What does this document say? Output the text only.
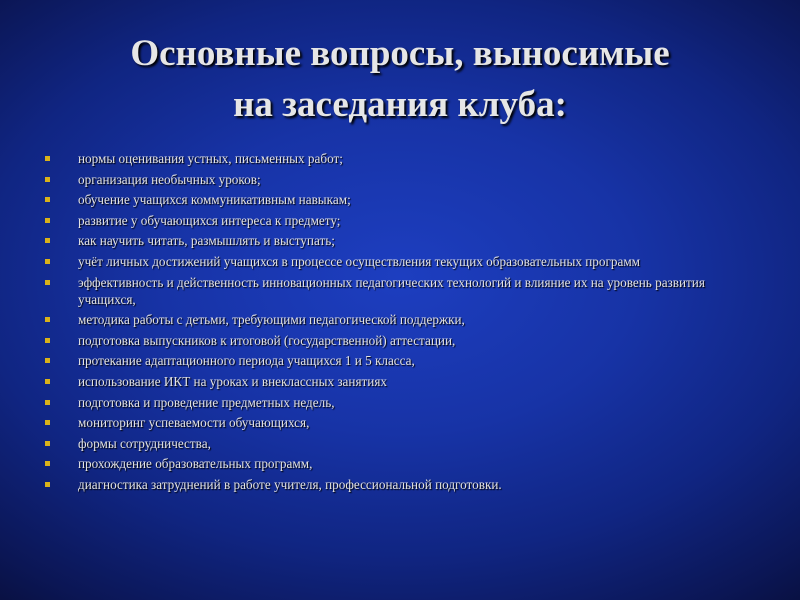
Основные вопросы, выносимые
на заседания клуба:
нормы оценивания устных, письменных работ;
организация необычных уроков;
обучение учащихся коммуникативным навыкам;
развитие у обучающихся интереса к предмету;
как научить читать, размышлять и выступать;
учёт личных достижений учащихся в процессе осуществления текущих образовательных программ
эффективность и действенность инновационных педагогических технологий и влияние их на уровень развития учащихся,
методика работы с детьми, требующими педагогической поддержки,
подготовка выпускников к итоговой (государственной) аттестации,
протекание адаптационного периода учащихся 1 и 5 класса,
использование ИКТ на уроках и внеклассных занятиях
подготовка и проведение предметных недель,
мониторинг успеваемости обучающихся,
формы сотрудничества,
прохождение образовательных программ,
диагностика затруднений в работе учителя, профессиональной подготовки.
